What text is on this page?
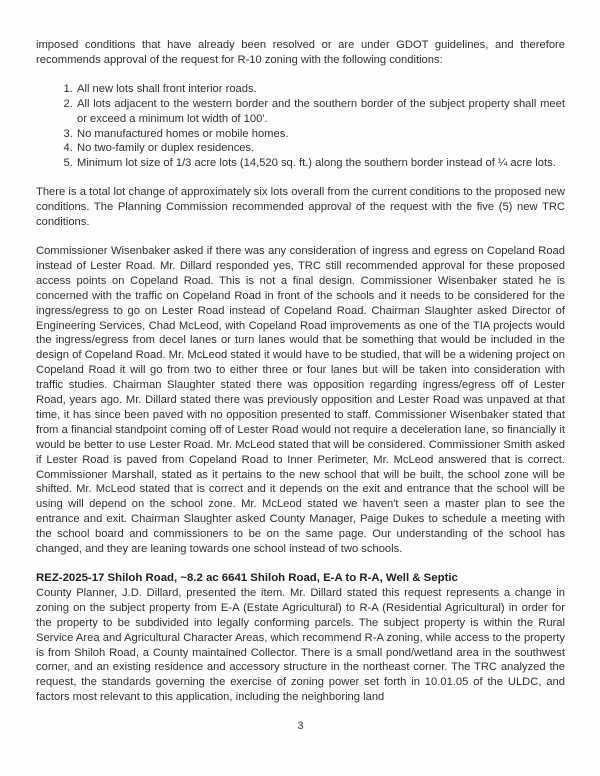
imposed conditions that have already been resolved or are under GDOT guidelines, and therefore recommends approval of the request for R-10 zoning with the following conditions:

1. All new lots shall front interior roads.
2. All lots adjacent to the western border and the southern border of the subject property shall meet or exceed a minimum lot width of 100'.
3. No manufactured homes or mobile homes.
4. No two-family or duplex residences.
5. Minimum lot size of 1/3 acre lots (14,520 sq. ft.) along the southern border instead of ¼ acre lots.

There is a total lot change of approximately six lots overall from the current conditions to the proposed new conditions. The Planning Commission recommended approval of the request with the five (5) new TRC conditions.

Commissioner Wisenbaker asked if there was any consideration of ingress and egress on Copeland Road instead of Lester Road. Mr. Dillard responded yes, TRC still recommended approval for these proposed access points on Copeland Road. This is not a final design. Commissioner Wisenbaker stated he is concerned with the traffic on Copeland Road in front of the schools and it needs to be considered for the ingress/egress to go on Lester Road instead of Copeland Road. Chairman Slaughter asked Director of Engineering Services, Chad McLeod, with Copeland Road improvements as one of the TIA projects would the ingress/egress from decel lanes or turn lanes would that be something that would be included in the design of Copeland Road. Mr. McLeod stated it would have to be studied, that will be a widening project on Copeland Road it will go from two to either three or four lanes but will be taken into consideration with traffic studies. Chairman Slaughter stated there was opposition regarding ingress/egress off of Lester Road, years ago. Mr. Dillard stated there was previously opposition and Lester Road was unpaved at that time, it has since been paved with no opposition presented to staff. Commissioner Wisenbaker stated that from a financial standpoint coming off of Lester Road would not require a deceleration lane, so financially it would be better to use Lester Road. Mr. McLeod stated that will be considered. Commissioner Smith asked if Lester Road is paved from Copeland Road to Inner Perimeter, Mr. McLeod answered that is correct. Commissioner Marshall, stated as it pertains to the new school that will be built, the school zone will be shifted. Mr. McLeod stated that is correct and it depends on the exit and entrance that the school will be using will depend on the school zone. Mr. McLeod stated we haven't seen a master plan to see the entrance and exit. Chairman Slaughter asked County Manager, Paige Dukes to schedule a meeting with the school board and commissioners to be on the same page. Our understanding of the school has changed, and they are leaning towards one school instead of two schools.

REZ-2025-17 Shiloh Road, ~8.2 ac 6641 Shiloh Road, E-A to R-A, Well & Septic

County Planner, J.D. Dillard, presented the item. Mr. Dillard stated this request represents a change in zoning on the subject property from E-A (Estate Agricultural) to R-A (Residential Agricultural) in order for the property to be subdivided into legally conforming parcels. The subject property is within the Rural Service Area and Agricultural Character Areas, which recommend R-A zoning, while access to the property is from Shiloh Road, a County maintained Collector. There is a small pond/wetland area in the southwest corner, and an existing residence and accessory structure in the northeast corner. The TRC analyzed the request, the standards governing the exercise of zoning power set forth in 10.01.05 of the ULDC, and factors most relevant to this application, including the neighboring land

3
